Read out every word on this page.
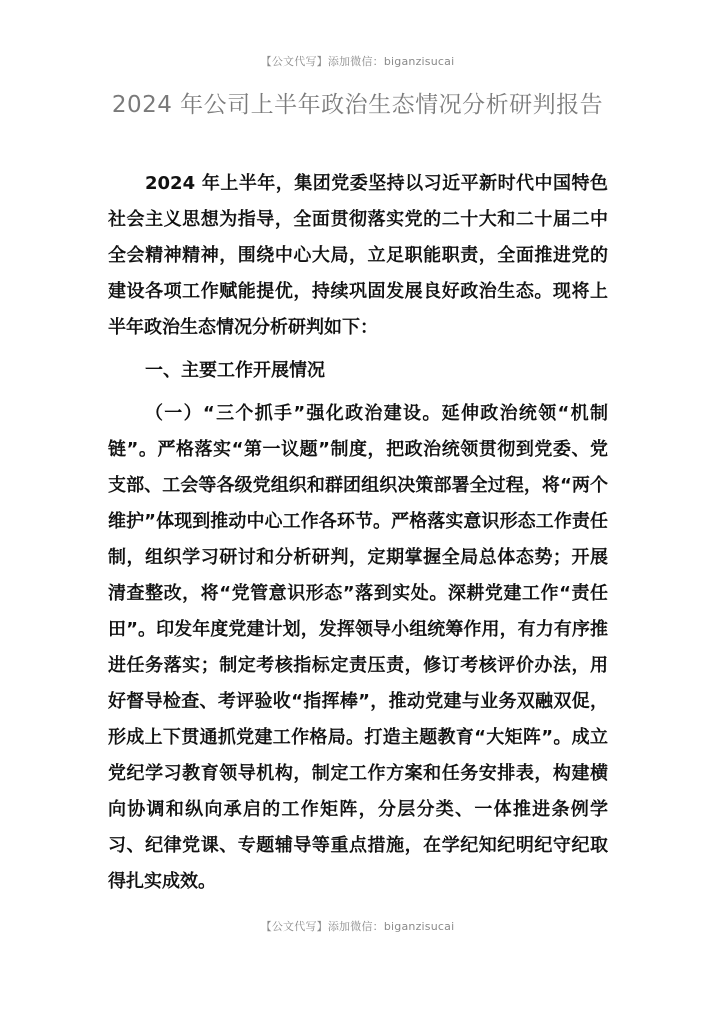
【公文代写】添加微信：biganzisucai
2024 年公司上半年政治生态情况分析研判报告

2024 年上半年，集团党委坚持以习近平新时代中国特色社会主义思想为指导，全面贯彻落实党的二十大和二十届二中全会精神精神，围绕中心大局，立足职能职责，全面推进党的建设各项工作赋能提优，持续巩固发展良好政治生态。现将上半年政治生态情况分析研判如下：

一、主要工作开展情况

（一）“三个抓手”强化政治建设。延伸政治统领“机制链”。严格落实“第一议题”制度，把政治统领贯彻到党委、党支部、工会等各级党组织和群团组织决策部署全过程，将“两个维护”体现到推动中心工作各环节。严格落实意识形态工作责任制，组织学习研讨和分析研判，定期掌握全局总体态势；开展清查整改，将“党管意识形态”落到实处。深耕党建工作“责任田”。印发年度党建计划，发挥领导小组统筹作用，有力有序推进任务落实；制定考核指标定责压责，修订考核评价办法，用好督导检查、考评验收“指挥棒”，推动党建与业务双融双促，形成上下贯通抓党建工作格局。打造主题教育“大矩阵”。成立党纪学习教育领导机构，制定工作方案和任务安排表，构建横向协调和纵向承启的工作矩阵，分层分类、一体推进条例学习、纪律党课、专题辅导等重点措施，在学纪知纪明纪守纪取得扎实成效。

【公文代写】添加微信：biganzisucai
